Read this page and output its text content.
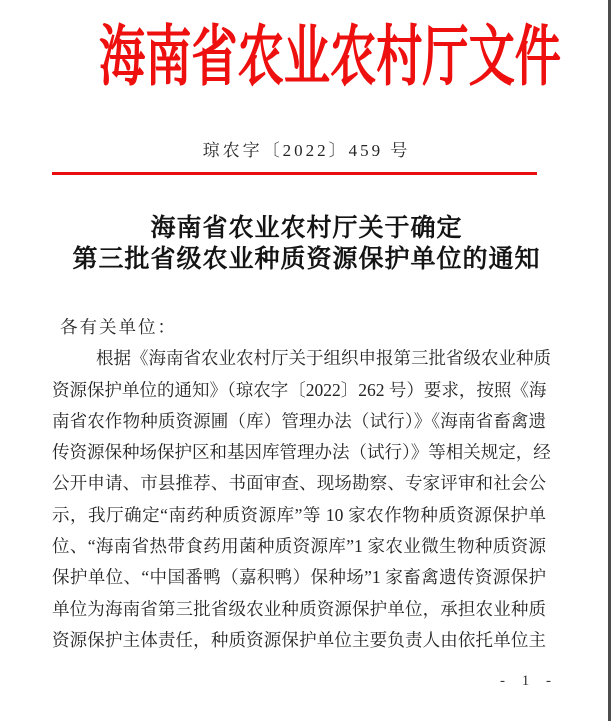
海南省农业农村厅文件
琼农字〔2022〕459 号
海南省农业农村厅关于确定
第三批省级农业种质资源保护单位的通知
各有关单位：
根据《海南省农业农村厅关于组织申报第三批省级农业种质
资源保护单位的通知》（琼农字〔2022〕262 号）要求，按照《海
南省农作物种质资源圃（库）管理办法（试行）》《海南省畜禽遗
传资源保种场保护区和基因库管理办法（试行）》等相关规定，经
公开申请、市县推荐、书面审查、现场勘察、专家评审和社会公
示，我厅确定“南药种质资源库”等 10 家农作物种质资源保护单
位、“海南省热带食药用菌种质资源库”1 家农业微生物种质资源
保护单位、“中国番鸭（嘉积鸭）保种场”1 家畜禽遗传资源保护
单位为海南省第三批省级农业种质资源保护单位，承担农业种质
资源保护主体责任，种质资源保护单位主要负责人由依托单位主
- 1 -
